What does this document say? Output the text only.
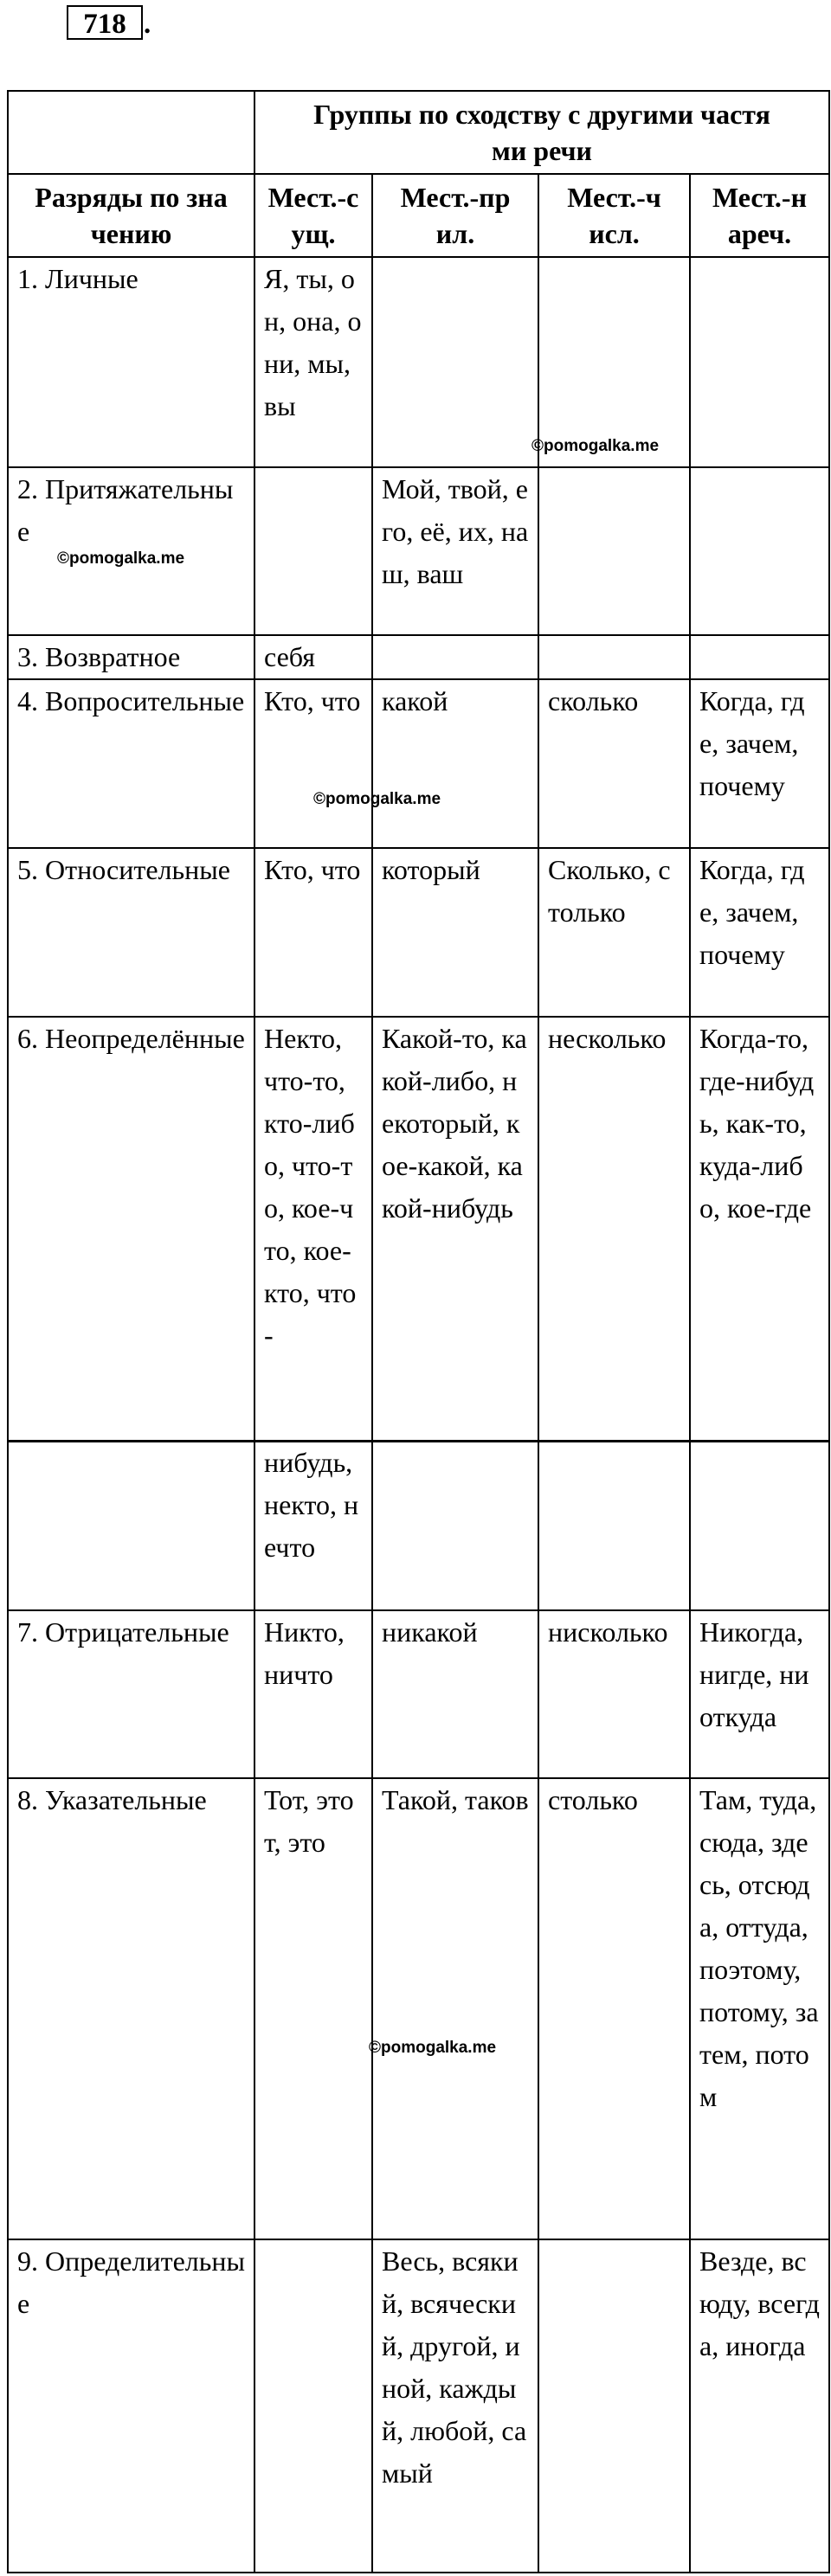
718 .
	Группы по сходству с другими частями речи			
Разряды по значению	Мест.-сущ.	Мест.-прил.	Мест.-числ.	Мест.-нареч.
1. Личные	Я, ты, он, она, они, мы, вы			
2. Притяжательные		Мой, твой, его, её, их, наш, ваш		
3. Возвратное	себя			
4. Вопросительные	Кто, что	какой	сколько	Когда, где, зачем, почему
5. Относительные	Кто, что	который	Сколько, столько	Когда, где, зачем, почему
6. Неопределённые	Некто, что-то, кто-либо, что-то, кое-что, кое-кто, что-	Какой-то, какой-либо, некоторый, кое-какой, какой-нибудь	несколько	Когда-то, где-нибудь, как-то, куда-либо, кое-где
	нибудь, некто, нечто			
7. Отрицательные	Никто, ничто	никакой	нисколько	Никогда, нигде, ниоткуда
8. Указательные	Тот, этот, это	Такой, таков	столько	Там, туда, сюда, здесь, отсюда, оттуда, поэтому, потому, затем, потом
9. Определительные		Весь, всякий, всяческий, другой, иной, каждый, любой, самый		Везде, всюду, всегда, иногда
©pomogalka.me
©pomogalka.me
©pomogalka.me
©pomogalka.me
